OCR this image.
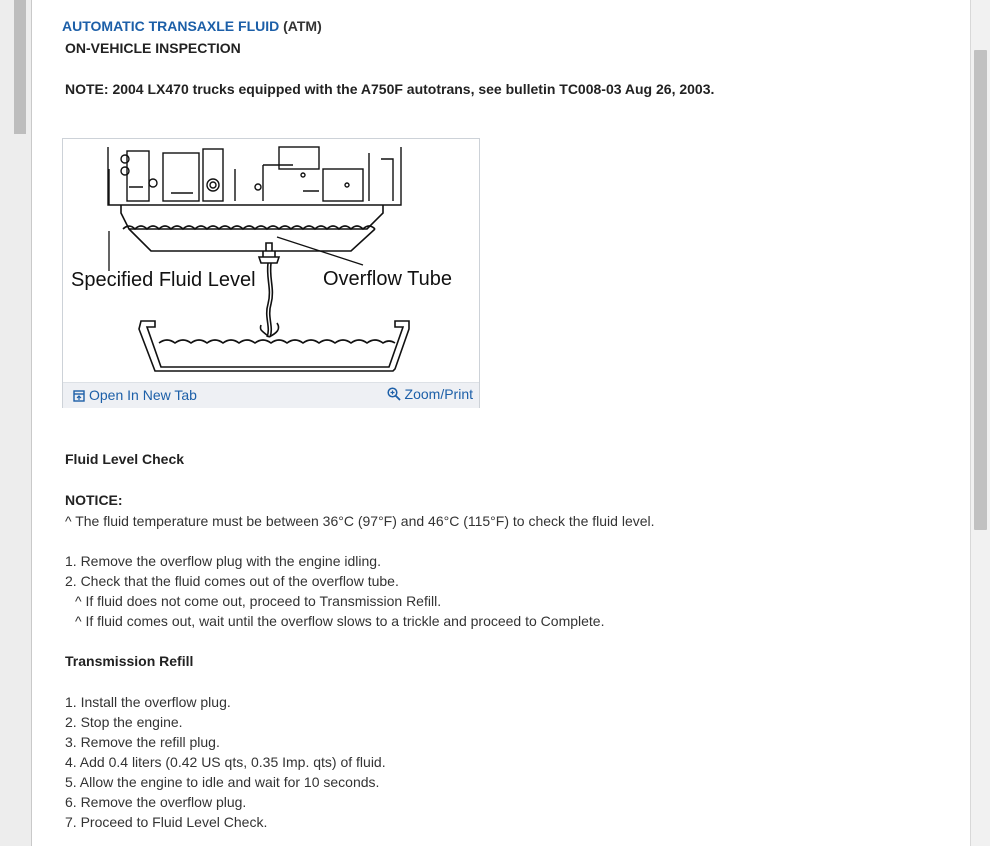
AUTOMATIC TRANSAXLE FLUID (ATM)
ON-VEHICLE INSPECTION
NOTE: 2004 LX470 trucks equipped with the A750F autotrans, see bulletin TC008-03 Aug 26, 2003.
Specified Fluid Level	Overflow Tube
Open In New Tab	Zoom/Print
Fluid Level Check
NOTICE:
^ The fluid temperature must be between 36°C (97°F) and 46°C (115°F) to check the fluid level.
1. Remove the overflow plug with the engine idling.
2. Check that the fluid comes out of the overflow tube.
^ If fluid does not come out, proceed to Transmission Refill.
^ If fluid comes out, wait until the overflow slows to a trickle and proceed to Complete.
Transmission Refill
1. Install the overflow plug.
2. Stop the engine.
3. Remove the refill plug.
4. Add 0.4 liters (0.42 US qts, 0.35 Imp. qts) of fluid.
5. Allow the engine to idle and wait for 10 seconds.
6. Remove the overflow plug.
7. Proceed to Fluid Level Check.
